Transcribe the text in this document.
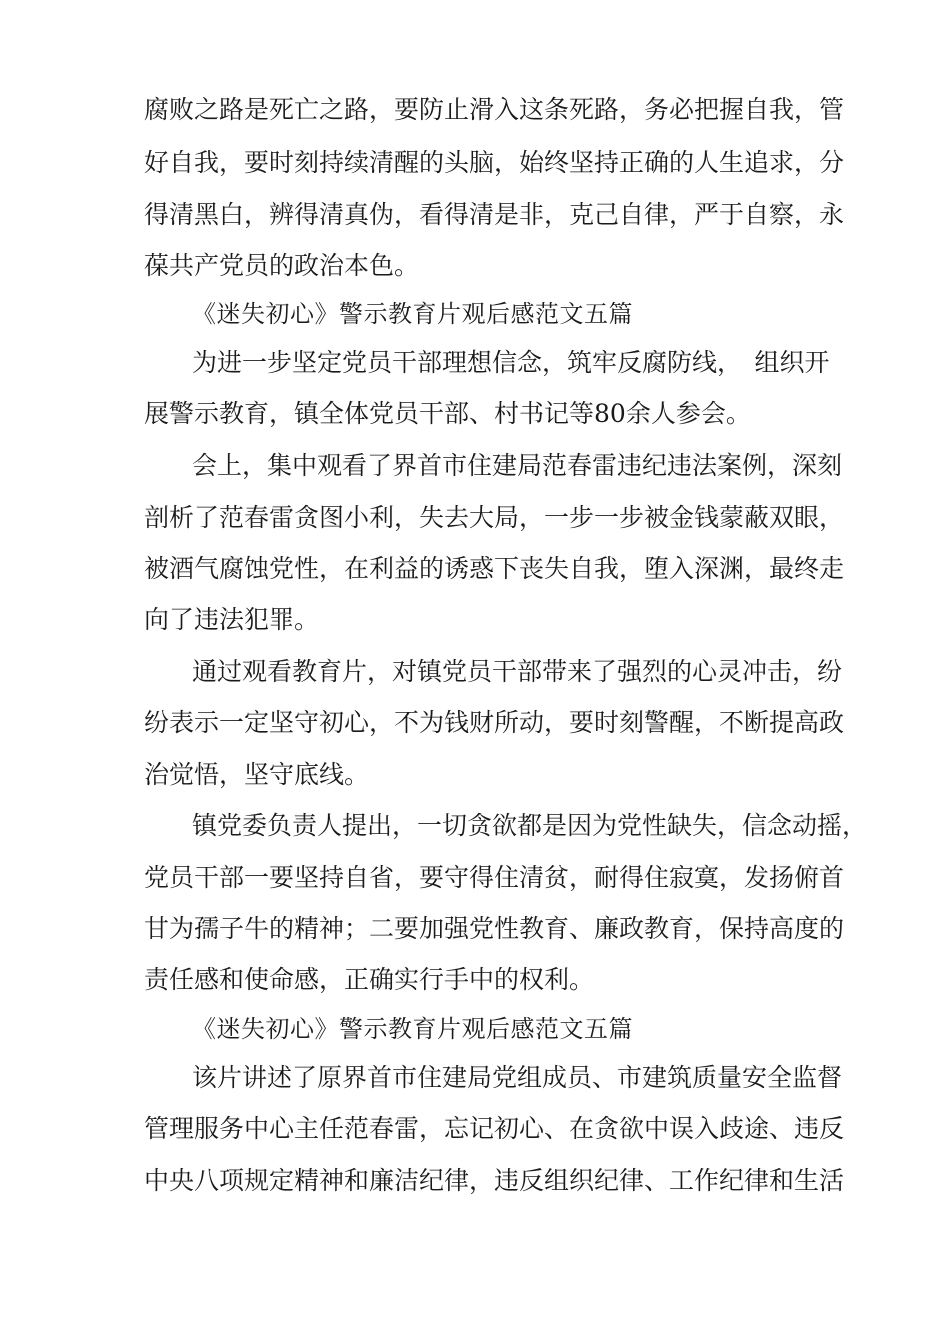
腐败之路是死亡之路，要防止滑入这条死路，务必把握自我，管
好自我，要时刻持续清醒的头脑，始终坚持正确的人生追求，分
得清黑白，辨得清真伪，看得清是非，克己自律，严于自察，永
葆共产党员的政治本色。
《迷失初心》警示教育片观后感范文五篇
为进一步坚定党员干部理想信念，筑牢反腐防线，　组织开
展警示教育，镇全体党员干部、村书记等80余人参会。
会上，集中观看了界首市住建局范春雷违纪违法案例，深刻
剖析了范春雷贪图小利，失去大局，一步一步被金钱蒙蔽双眼，
被酒气腐蚀党性，在利益的诱惑下丧失自我，堕入深渊，最终走
向了违法犯罪。
通过观看教育片，对镇党员干部带来了强烈的心灵冲击，纷
纷表示一定坚守初心，不为钱财所动，要时刻警醒，不断提高政
治觉悟，坚守底线。
镇党委负责人提出，一切贪欲都是因为党性缺失，信念动摇，
党员干部一要坚持自省，要守得住清贫，耐得住寂寞，发扬俯首
甘为孺子牛的精神；二要加强党性教育、廉政教育，保持高度的
责任感和使命感，正确实行手中的权利。
《迷失初心》警示教育片观后感范文五篇
该片讲述了原界首市住建局党组成员、市建筑质量安全监督
管理服务中心主任范春雷，忘记初心、在贪欲中误入歧途、违反
中央八项规定精神和廉洁纪律，违反组织纪律、工作纪律和生活
